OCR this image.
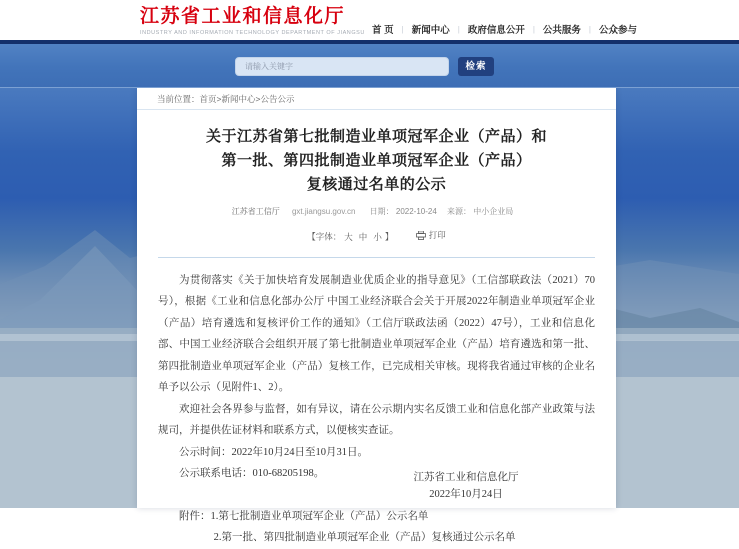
江苏省工业和信息化厅
INDUSTRY AND INFORMATION TECHNOLOGY DEPARTMENT OF JIANGSU 首 页 | 新闻中心 | 政府信息公开 | 公共服务 | 公众参与
请输入关键字
检索
当前位置：首页>新闻中心>公告公示
关于江苏省第七批制造业单项冠军企业（产品）和
第一批、第四批制造业单项冠军企业（产品）
复核通过名单的公示
江苏省工信厅 gxt.jiangsu.gov.cn 日期： 2022-10-24 来源： 中小企业局
【字体： 大 中 小 】	打印

为贯彻落实《关于加快培育发展制造业优质企业的指导意见》（工信部联政法（2021）70号），根据《工业和信息化部办公厅 中国工业经济联合会关于开展2022年制造业单项冠军企业（产品）培育遴选和复核评价工作的通知》（工信厅联政法函（2022）47号），工业和信息化部、中国工业经济联合会组织开展了第七批制造业单项冠军企业（产品）培育遴选和第一批、第四批制造业单项冠军企业（产品）复核工作，已完成相关审核。现将我省通过审核的企业名单予以公示（见附件1、2）。

欢迎社会各界参与监督，如有异议，请在公示期内实名反馈工业和信息化部产业政策与法规司，并提供佐证材料和联系方式，以便核实查证。

公示时间：2022年10月24日至10月31日。

公示联系电话：010-68205198。

附件：1.第七批制造业单项冠军企业（产品）公示名单

2.第一批、第四批制造业单项冠军企业（产品）复核通过公示名单

江苏省工业和信息化厅
2022年10月24日
